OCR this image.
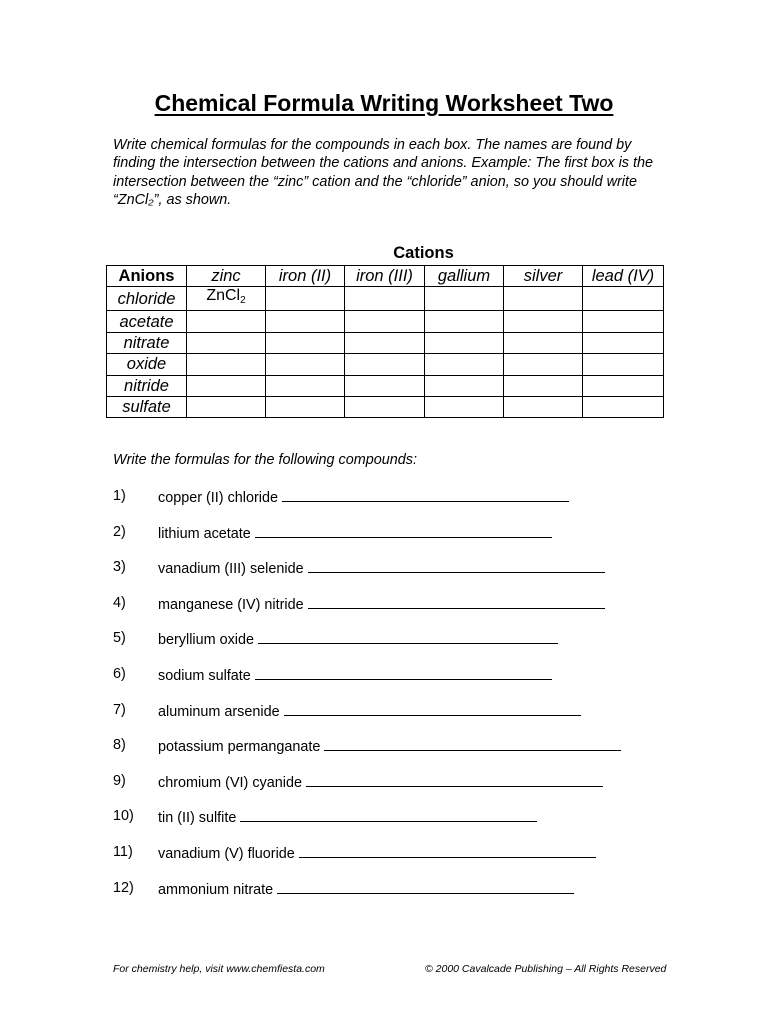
Chemical Formula Writing Worksheet Two

Write chemical formulas for the compounds in each box. The names are found by finding the intersection between the cations and anions. Example: The first box is the intersection between the “zinc” cation and the “chloride” anion, so you should write “ZnCl₂”, as shown.

Cations
Anions	zinc	iron (II)	iron (III)	gallium	silver	lead (IV)
chloride	ZnCl$_2$					
acetate						
nitrate						
oxide						
nitride						
sulfate						
Write the formulas for the following compounds:
1) copper (II) chloride
2) lithium acetate
3) vanadium (III) selenide
4) manganese (IV) nitride
5) beryllium oxide
6) sodium sulfate
7) aluminum arsenide
8) potassium permanganate
9) chromium (VI) cyanide
10) tin (II) sulfite
11) vanadium (V) fluoride
12) ammonium nitrate
For chemistry help, visit www.chemfiesta.com	© 2000 Cavalcade Publishing – All Rights Reserved
